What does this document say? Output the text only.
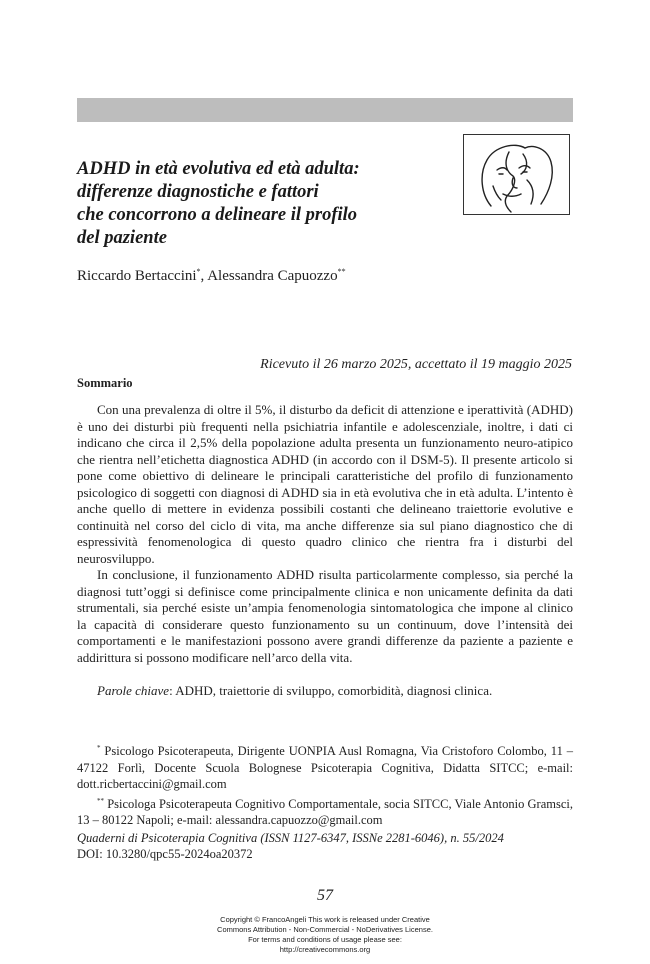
ADHD in età evolutiva ed età adulta:
differenze diagnostiche e fattori
che concorrono a delineare il profilo
del paziente
Riccardo Bertaccini*, Alessandra Capuozzo**
Ricevuto il 26 marzo 2025, accettato il 19 maggio 2025
Sommario

Con una prevalenza di oltre il 5%, il disturbo da deficit di attenzione e iperattività (ADHD) è uno dei disturbi più frequenti nella psichiatria infantile e adolescenziale, inoltre, i dati ci indicano che circa il 2,5% della popolazione adulta presenta un funzionamento neuro-atipico che rientra nell’etichetta diagnostica ADHD (in accordo con il DSM-5). Il presente articolo si pone come obiettivo di delineare le principali caratteristiche del profilo di funzionamento psicologico di soggetti con diagnosi di ADHD sia in età evolutiva che in età adulta. L’intento è anche quello di mettere in evidenza possibili costanti che delineano traiettorie evolutive e continuità nel corso del ciclo di vita, ma anche differenze sia sul piano diagnostico che di espressività fenomenologica di questo quadro clinico che rientra fra i disturbi del neurosviluppo.

In conclusione, il funzionamento ADHD risulta particolarmente complesso, sia perché la diagnosi tutt’oggi si definisce come principalmente clinica e non unicamente definita da dati strumentali, sia perché esiste un’ampia fenomenologia sintomatologica che impone al clinico la capacità di considerare questo funzionamento su un continuum, dove l’intensità dei comportamenti e le manifestazioni possono avere grandi differenze da paziente a paziente e addirittura si possono modificare nell’arco della vita.

Parole chiave: ADHD, traiettorie di sviluppo, comorbidità, diagnosi clinica.

* Psicologo Psicoterapeuta, Dirigente UONPIA Ausl Romagna, Via Cristoforo Colombo, 11 – 47122 Forlì, Docente Scuola Bolognese Psicoterapia Cognitiva, Didatta SITCC; e-mail: dott.ricbertaccini@gmail.com

** Psicologa Psicoterapeuta Cognitivo Comportamentale, socia SITCC, Viale Antonio Gramsci, 13 – 80122 Napoli; e-mail: alessandra.capuozzo@gmail.com

Quaderni di Psicoterapia Cognitiva (ISSN 1127-6347, ISSNe 2281-6046), n. 55/2024
DOI: 10.3280/qpc55-2024oa20372
57
Copyright © FrancoAngeli This work is released under Creative
Commons Attribution - Non-Commercial - NoDerivatives License.
For terms and conditions of usage please see:
http://creativecommons.org
